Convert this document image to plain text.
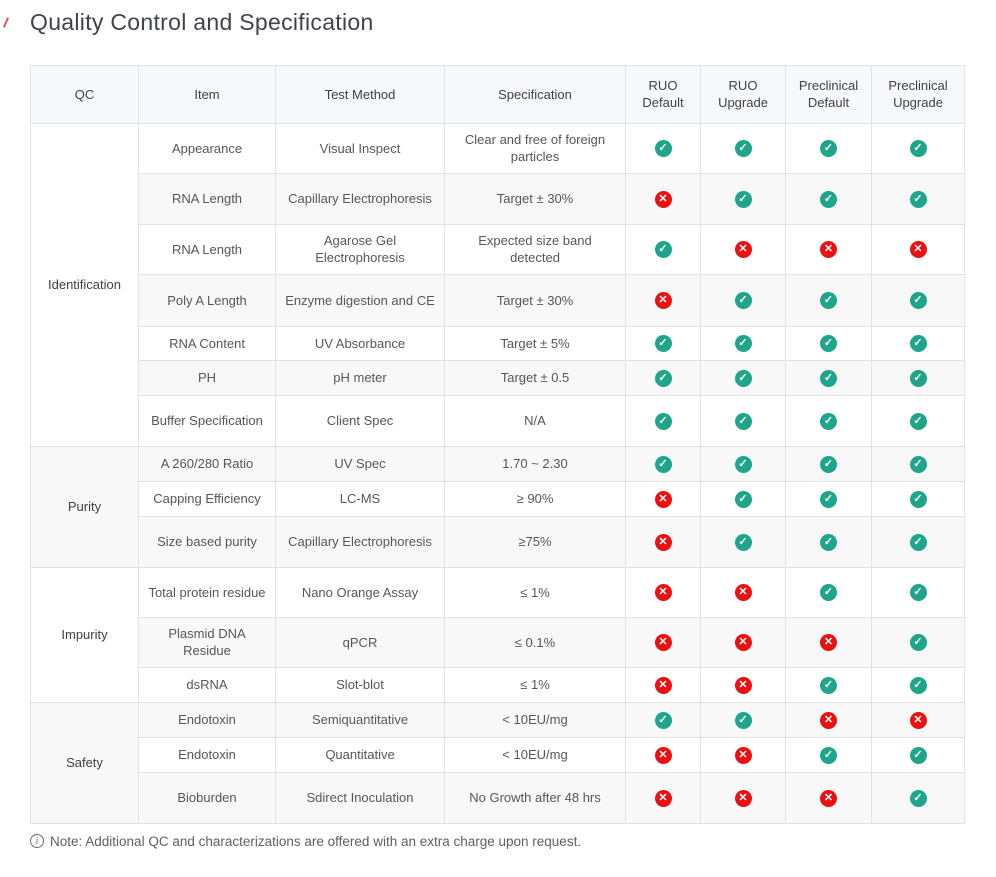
Quality Control and Specification
QC	Item	Test Method	Specification	RUO Default	RUO Upgrade	Preclinical Default	Preclinical Upgrade
Identification	Appearance	Visual Inspect	Clear and free of foreign particles	✓	✓	✓	✓
	RNA Length	Capillary Electrophoresis	Target ± 30%	✕	✓	✓	✓
	RNA Length	Agarose Gel Electrophoresis	Expected size band detected	✓	✕	✕	✕
	Poly A Length	Enzyme digestion and CE	Target ± 30%	✕	✓	✓	✓
	RNA Content	UV Absorbance	Target ± 5%	✓	✓	✓	✓
	PH	pH meter	Target ± 0.5	✓	✓	✓	✓
	Buffer Specification	Client Spec	N/A	✓	✓	✓	✓
Purity	A 260/280 Ratio	UV Spec	1.70 ~ 2.30	✓	✓	✓	✓
	Capping Efficiency	LC-MS	≥ 90%	✕	✓	✓	✓
	Size based purity	Capillary Electrophoresis	≥75%	✕	✓	✓	✓
Impurity	Total protein residue	Nano Orange Assay	≤ 1%	✕	✕	✓	✓
	Plasmid DNA Residue	qPCR	≤ 0.1%	✕	✕	✕	✓
	dsRNA	Slot-blot	≤ 1%	✕	✕	✓	✓
Safety	Endotoxin	Semiquantitative	< 10EU/mg	✓	✓	✕	✕
	Endotoxin	Quantitative	< 10EU/mg	✕	✕	✓	✓
	Bioburden	Sdirect Inoculation	No Growth after 48 hrs	✕	✕	✕	✓
i Note: Additional QC and characterizations are offered with an extra charge upon request.
